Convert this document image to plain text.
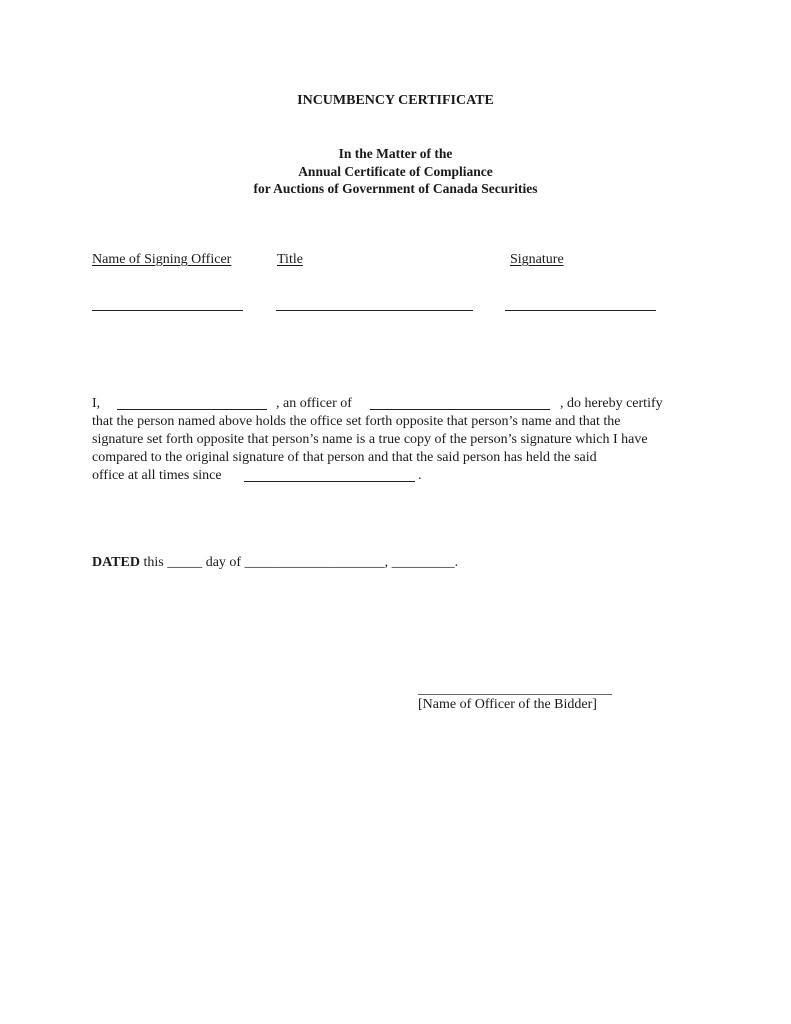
INCUMBENCY CERTIFICATE
In the Matter of the
Annual Certificate of Compliance
for Auctions of Government of Canada Securities
Name of Signing Officer	Title	Signature
I,	, an officer of	, do hereby certify
that the person named above holds the office set forth opposite that person’s name and that the
signature set forth opposite that person’s name is a true copy of the person’s signature which I have
compared to the original signature of that person and that the said person has held the said
office at all times since	.
DATED this _____ day of ____________________, _________.
[Name of Officer of the Bidder]
